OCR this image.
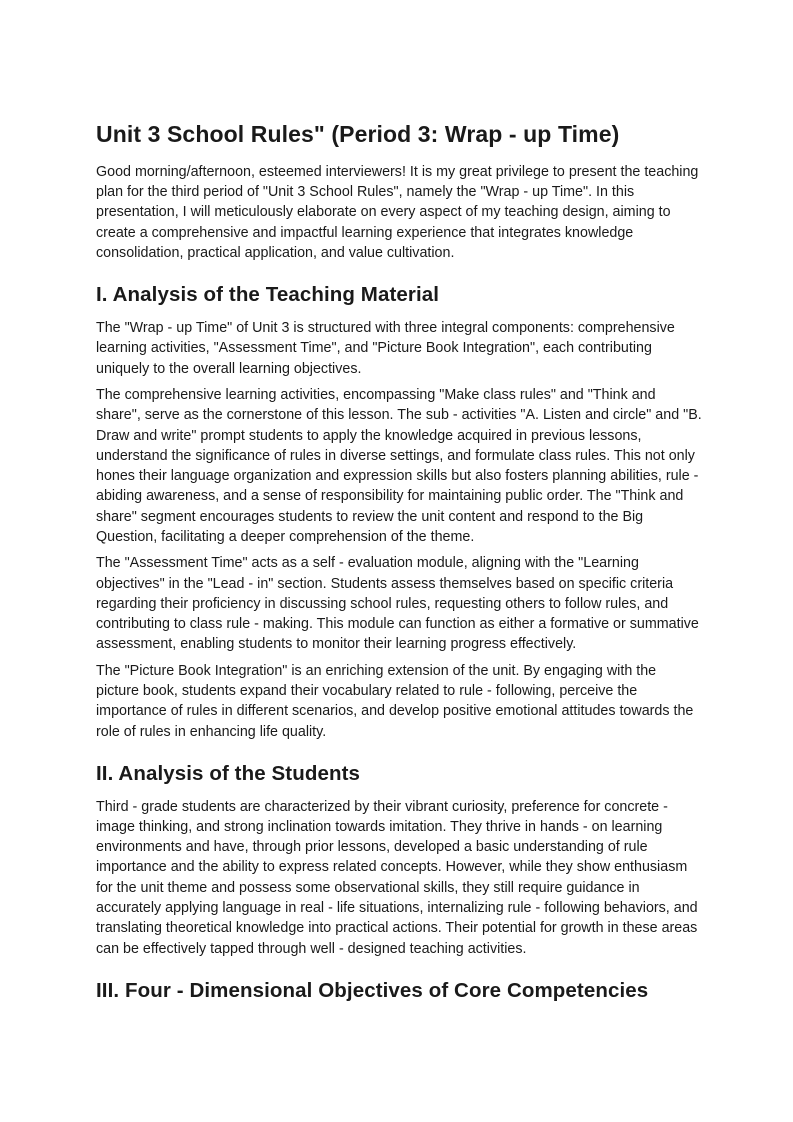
Unit 3 School Rules" (Period 3: Wrap - up Time)

Good morning/afternoon, esteemed interviewers! It is my great privilege to present the teaching plan for the third period of "Unit 3 School Rules", namely the "Wrap - up Time". In this presentation, I will meticulously elaborate on every aspect of my teaching design, aiming to create a comprehensive and impactful learning experience that integrates knowledge consolidation, practical application, and value cultivation.

I. Analysis of the Teaching Material

The "Wrap - up Time" of Unit 3 is structured with three integral components: comprehensive learning activities, "Assessment Time", and "Picture Book Integration", each contributing uniquely to the overall learning objectives.

The comprehensive learning activities, encompassing "Make class rules" and "Think and share", serve as the cornerstone of this lesson. The sub - activities "A. Listen and circle" and "B. Draw and write" prompt students to apply the knowledge acquired in previous lessons, understand the significance of rules in diverse settings, and formulate class rules. This not only hones their language organization and expression skills but also fosters planning abilities, rule - abiding awareness, and a sense of responsibility for maintaining public order. The "Think and share" segment encourages students to review the unit content and respond to the Big Question, facilitating a deeper comprehension of the theme.

The "Assessment Time" acts as a self - evaluation module, aligning with the "Learning objectives" in the "Lead - in" section. Students assess themselves based on specific criteria regarding their proficiency in discussing school rules, requesting others to follow rules, and contributing to class rule - making. This module can function as either a formative or summative assessment, enabling students to monitor their learning progress effectively.

The "Picture Book Integration" is an enriching extension of the unit. By engaging with the picture book, students expand their vocabulary related to rule - following, perceive the importance of rules in different scenarios, and develop positive emotional attitudes towards the role of rules in enhancing life quality.

II. Analysis of the Students

Third - grade students are characterized by their vibrant curiosity, preference for concrete - image thinking, and strong inclination towards imitation. They thrive in hands - on learning environments and have, through prior lessons, developed a basic understanding of rule importance and the ability to express related concepts. However, while they show enthusiasm for the unit theme and possess some observational skills, they still require guidance in accurately applying language in real - life situations, internalizing rule - following behaviors, and translating theoretical knowledge into practical actions. Their potential for growth in these areas can be effectively tapped through well - designed teaching activities.

III. Four - Dimensional Objectives of Core Competencies
